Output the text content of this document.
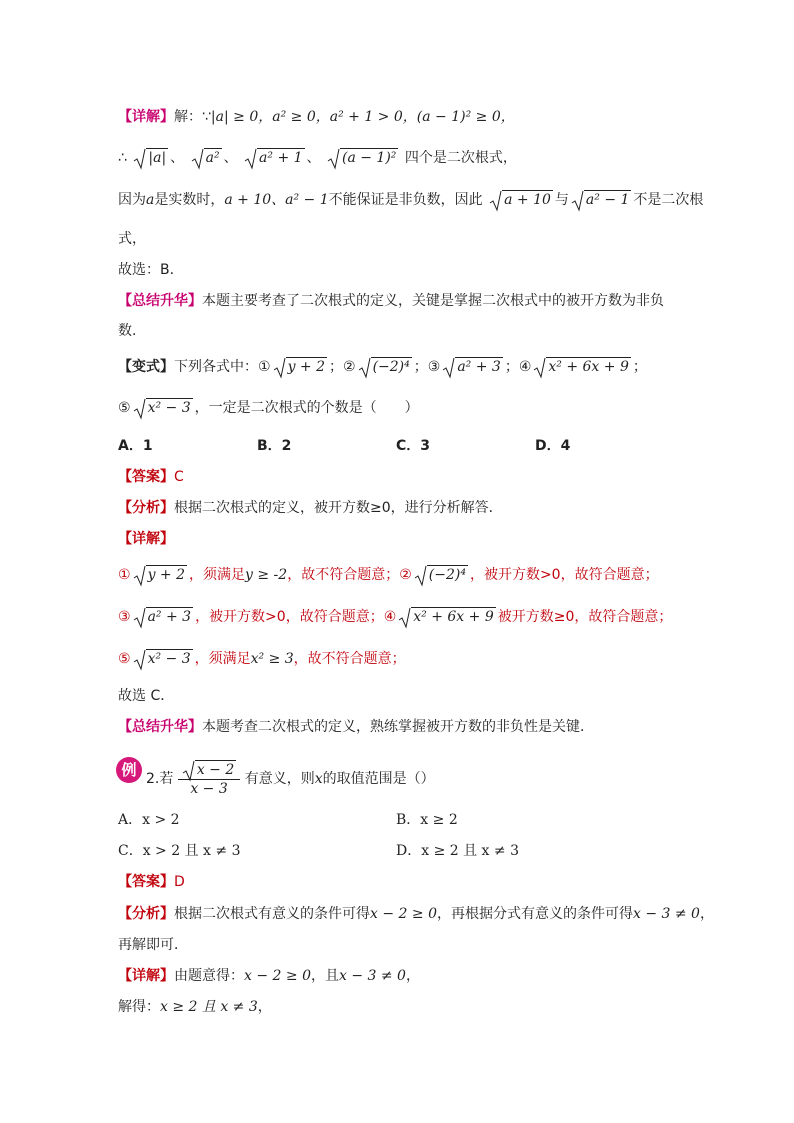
【详解】解：∵|a| ≥ 0，a² ≥ 0，a² + 1 > 0，(a − 1)² ≥ 0，
∴ |a| 、
a² 、
a² + 1 、
(a − 1)² 四个是二次根式，
因为a是实数时，a + 10、a² − 1不能保证是非负数，因此 a + 10 与 a² − 1 不是二次根
式，
故选：B.
【总结升华】本题主要考查了二次根式的定义，关键是掌握二次根式中的被开方数为非负
数.
【变式】下列各式中：① y + 2 ；② (−2)⁴ ；③ a² + 3 ；④ x² + 6x + 9 ；
⑤ x² − 3 ，一定是二次根式的个数是（　　）
A．1	B．2	C．3	D．4
【答案】C
【分析】根据二次根式的定义，被开方数≥0，进行分析解答．
【详解】
① y + 2 ，须满足y ≥ -2，故不符合题意；② (−2)⁴ ，被开方数>0，故符合题意；
③ a² + 3 ，被开方数>0，故符合题意；④ x² + 6x + 9 被开方数≥0，故符合题意；
⑤ x² − 3 ，须满足x² ≥ 3，故不符合题意；
故选 C．
【总结升华】本题考查二次根式的定义，熟练掌握被开方数的非负性是关键．
例 2.若 $\frac{x - 2}{x - 3}$ 有意义，则x的取值范围是（）
A．x > 2	B．x ≥ 2
C．x > 2 且 x ≠ 3	D．x ≥ 2 且 x ≠ 3
【答案】D
【分析】根据二次根式有意义的条件可得x − 2 ≥ 0，再根据分式有意义的条件可得x − 3 ≠ 0，
再解即可．
【详解】由题意得：x − 2 ≥ 0，且x − 3 ≠ 0，
解得：x ≥ 2 且 x ≠ 3，
